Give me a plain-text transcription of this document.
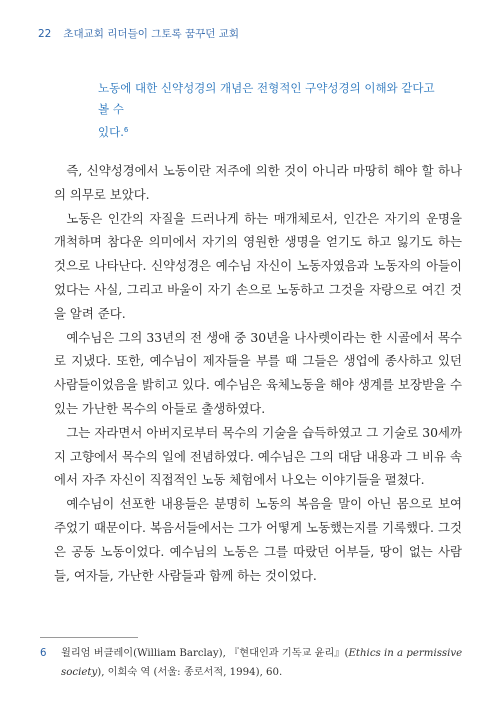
22 초대교회 리더들이 그토록 꿈꾸던 교회
노동에 대한 신약성경의 개념은 전형적인 구약성경의 이해와 같다고 볼 수
있다.$^6$

즉, 신약성경에서 노동이란 저주에 의한 것이 아니라 마땅히 해야 할 하나의 의무로 보았다.

노동은 인간의 자질을 드러나게 하는 매개체로서, 인간은 자기의 운명을 개척하며 참다운 의미에서 자기의 영원한 생명을 얻기도 하고 잃기도 하는 것으로 나타난다. 신약성경은 예수님 자신이 노동자였음과 노동자의 아들이었다는 사실, 그리고 바울이 자기 손으로 노동하고 그것을 자랑으로 여긴 것을 알려 준다.

예수님은 그의 33년의 전 생애 중 30년을 나사렛이라는 한 시골에서 목수로 지냈다. 또한, 예수님이 제자들을 부를 때 그들은 생업에 종사하고 있던 사람들이었음을 밝히고 있다. 예수님은 육체노동을 해야 생계를 보장받을 수 있는 가난한 목수의 아들로 출생하였다.

그는 자라면서 아버지로부터 목수의 기술을 습득하였고 그 기술로 30세까지 고향에서 목수의 일에 전념하였다. 예수님은 그의 대담 내용과 그 비유 속에서 자주 자신이 직접적인 노동 체험에서 나오는 이야기들을 펼쳤다.

예수님이 선포한 내용들은 분명히 노동의 복음을 말이 아닌 몸으로 보여 주었기 때문이다. 복음서들에서는 그가 어떻게 노동했는지를 기록했다. 그것은 공동 노동이었다. 예수님의 노동은 그를 따랐던 어부들, 땅이 없는 사람들, 여자들, 가난한 사람들과 함께 하는 것이었다.

6 윌리엄 버클레이(William Barclay), 『현대인과 기독교 윤리』(Ethics in a permissive society), 이희숙 역 (서울: 종로서적, 1994), 60.
